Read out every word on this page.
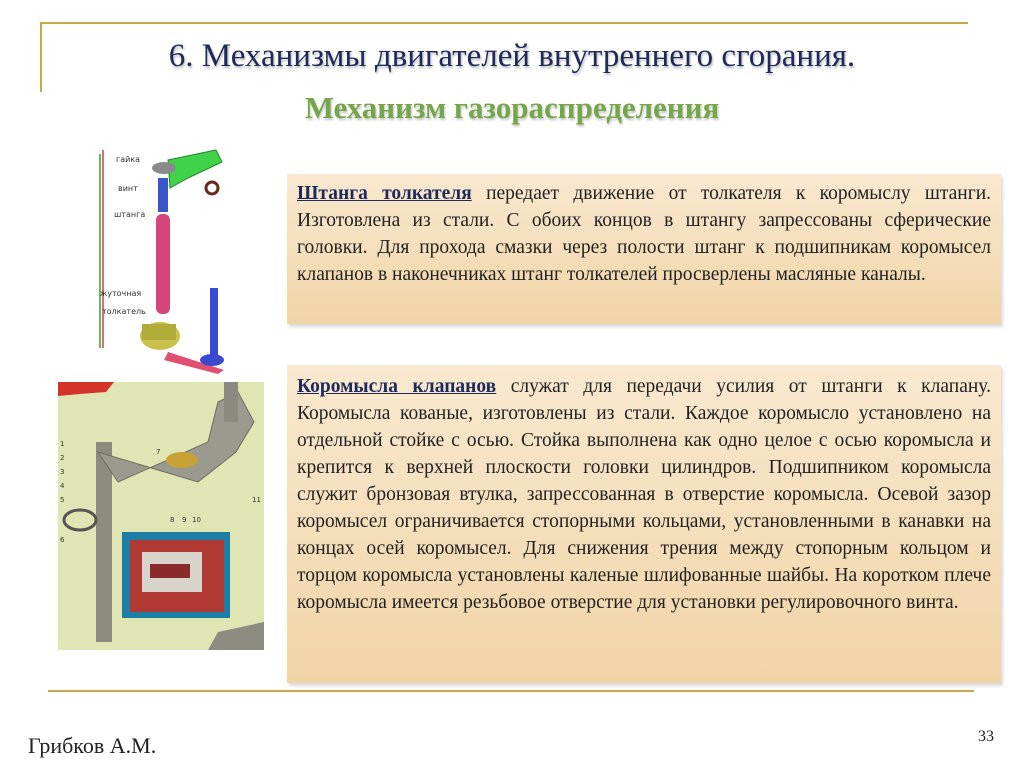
6. Механизмы двигателей внутреннего сгорания.
Механизм газораспределения
гайка
винт
штанга
жуточная
толкатель
Штанга толкателя передает движение от толкателя к коромыслу штанги. Изготовлена из стали. С обоих концов в штангу запрессованы сферические головки. Для прохода смазки через полости штанг к подшипникам коромысел клапанов в наконечниках штанг толкателей просверлены масляные каналы.
1
2
3
4
5
6
7
8 9 10
11
Коромысла клапанов служат для передачи усилия от штанги к клапану. Коромысла кованые, изготовлены из стали. Каждое коромысло установлено на отдельной стойке с осью. Стойка выполнена как одно целое с осью коромысла и крепится к верхней плоскости головки цилиндров. Подшипником коромысла служит бронзовая втулка, запрессованная в отверстие коромысла. Осевой зазор коромысел ограничивается стопорными кольцами, установленными в канавки на концах осей коромысел. Для снижения трения между стопорным кольцом и торцом коромысла установлены каленые шлифованные шайбы. На коротком плече коромысла имеется резьбовое отверстие для установки регулировочного винта.
Грибков А.М.	33
